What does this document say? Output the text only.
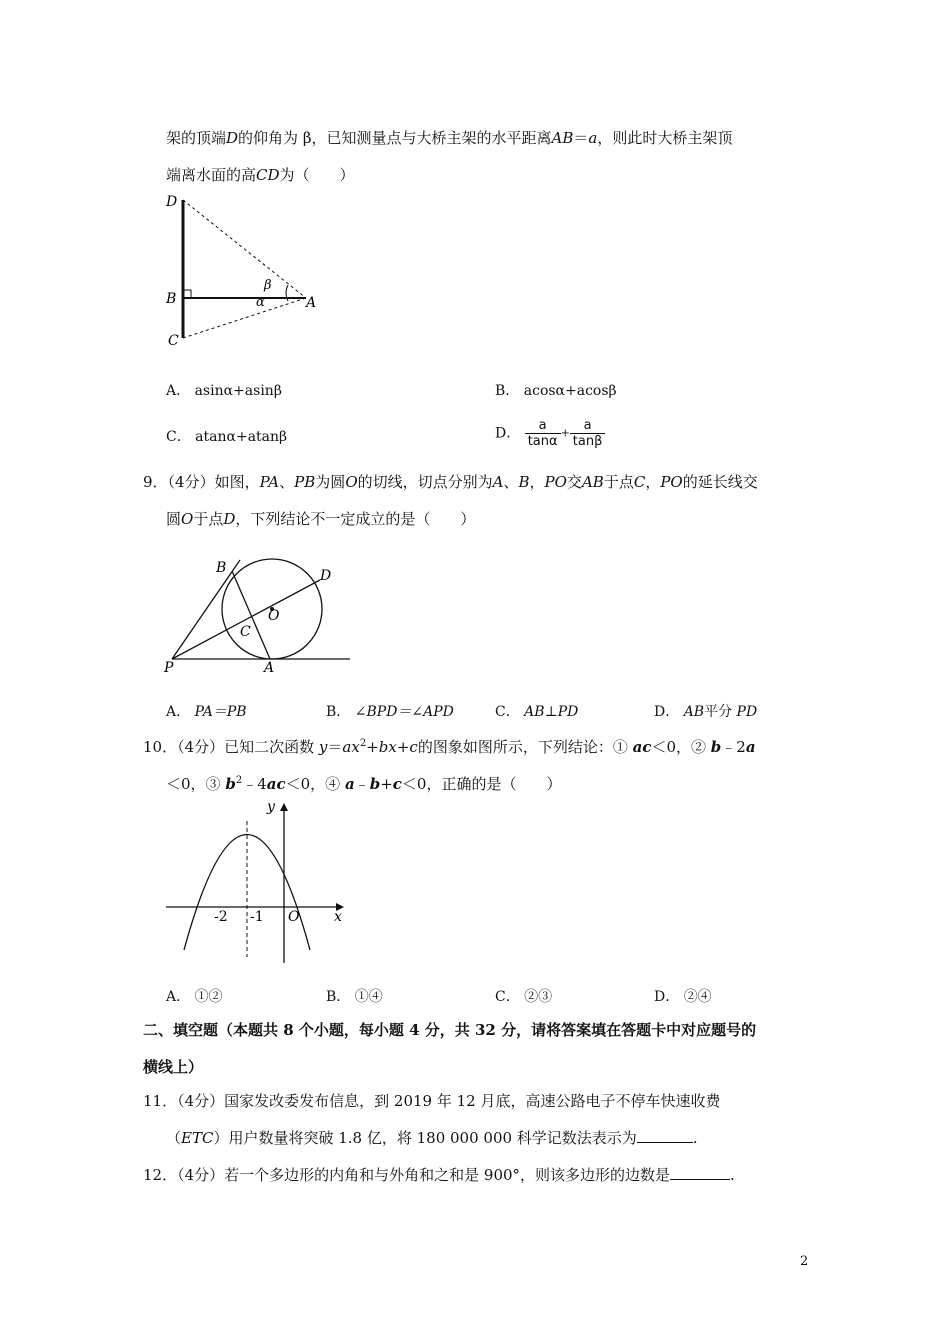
架的顶端D的仰角为 β，已知测量点与大桥主架的水平距离AB＝a，则此时大桥主架顶
端离水面的高CD为（　　）
D
B
C
A
β
α
A． asinα+asinβ	B． acosα+acosβ
C． atanα+atanβ	D． $\frac{a}{\tan\alpha} + \frac{a}{\tan\beta}$
9．（4分）如图，PA、PB为圆O的切线，切点分别为A、B，PO交AB于点C，PO的延长线交
圆O于点D，下列结论不一定成立的是（　　）
B	D
O
C
P	A
A． PA＝PB	B． ∠BPD＝∠APD	C． AB⊥PD	D． AB平分 PD
10．（4分）已知二次函数 $y=ax^2+bx+c$的图象如图所示，下列结论：① ac＜0，② b﹣2a
＜0，③ $b^2﹣4ac<0$，④ a﹣b+c＜0，正确的是（　　）
y
x
O
-2 -1
A． ①②	B． ①④	C． ②③	D． ②④
二、填空题（本题共 8 个小题，每小题 4 分，共 32 分，请将答案填在答题卡中对应题号的
横线上）
11．（4分）国家发改委发布信息，到 2019 年 12 月底，高速公路电子不停车快速收费
（ETC）用户数量将突破 1.8 亿，将 180 000 000 科学记数法表示为	.
12．（4分）若一个多边形的内角和与外角和之和是 900°，则该多边形的边数是	.
2
